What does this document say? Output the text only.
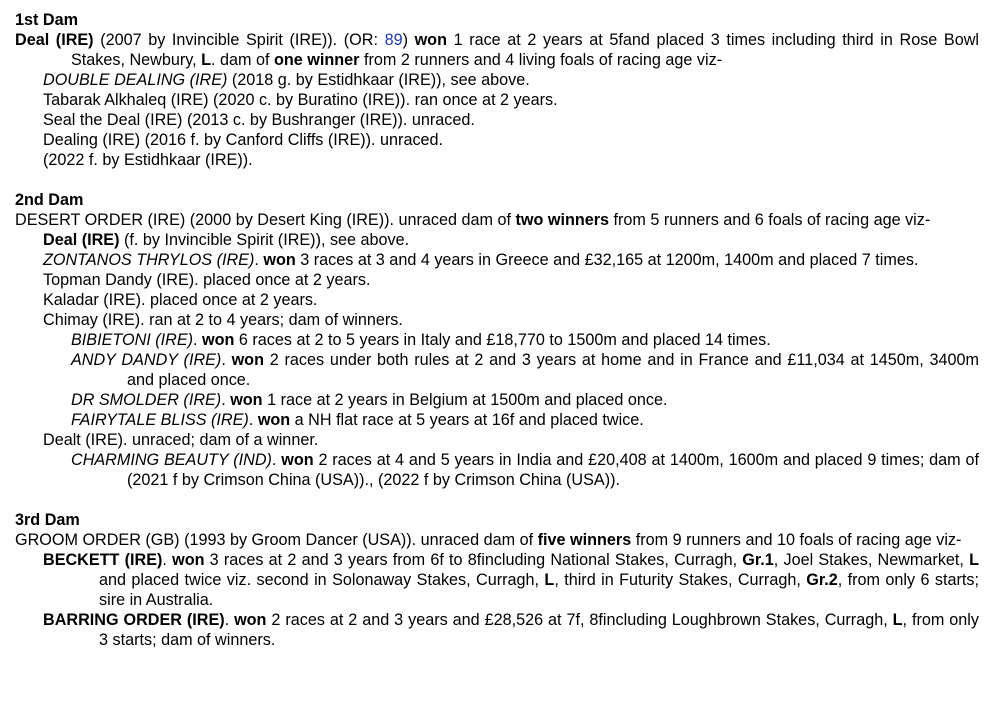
1st Dam
Deal (IRE) (2007 by Invincible Spirit (IRE)). (OR: 89) won 1 race at 2 years at 5fand placed 3 times including third in Rose Bowl Stakes, Newbury, L. dam of one winner from 2 runners and 4 living foals of racing age viz-
DOUBLE DEALING (IRE) (2018 g. by Estidhkaar (IRE)), see above.
Tabarak Alkhaleq (IRE) (2020 c. by Buratino (IRE)). ran once at 2 years.
Seal the Deal (IRE) (2013 c. by Bushranger (IRE)). unraced.
Dealing (IRE) (2016 f. by Canford Cliffs (IRE)). unraced.
(2022 f. by Estidhkaar (IRE)).
2nd Dam
DESERT ORDER (IRE) (2000 by Desert King (IRE)). unraced dam of two winners from 5 runners and 6 foals of racing age viz-
Deal (IRE) (f. by Invincible Spirit (IRE)), see above.
ZONTANOS THRYLOS (IRE). won 3 races at 3 and 4 years in Greece and £32,165 at 1200m, 1400m and placed 7 times.
Topman Dandy (IRE). placed once at 2 years.
Kaladar (IRE). placed once at 2 years.
Chimay (IRE). ran at 2 to 4 years; dam of winners.
BIBIETONI (IRE). won 6 races at 2 to 5 years in Italy and £18,770 to 1500m and placed 14 times.
ANDY DANDY (IRE). won 2 races under both rules at 2 and 3 years at home and in France and £11,034 at 1450m, 3400m and placed once.
DR SMOLDER (IRE). won 1 race at 2 years in Belgium at 1500m and placed once.
FAIRYTALE BLISS (IRE). won a NH flat race at 5 years at 16f and placed twice.
Dealt (IRE). unraced; dam of a winner.
CHARMING BEAUTY (IND). won 2 races at 4 and 5 years in India and £20,408 at 1400m, 1600m and placed 9 times; dam of (2021 f by Crimson China (USA))., (2022 f by Crimson China (USA)).
3rd Dam
GROOM ORDER (GB) (1993 by Groom Dancer (USA)). unraced dam of five winners from 9 runners and 10 foals of racing age viz-
BECKETT (IRE). won 3 races at 2 and 3 years from 6f to 8fincluding National Stakes, Curragh, Gr.1, Joel Stakes, Newmarket, L and placed twice viz. second in Solonaway Stakes, Curragh, L, third in Futurity Stakes, Curragh, Gr.2, from only 6 starts; sire in Australia.
BARRING ORDER (IRE). won 2 races at 2 and 3 years and £28,526 at 7f, 8fincluding Loughbrown Stakes, Curragh, L, from only 3 starts; dam of winners.
